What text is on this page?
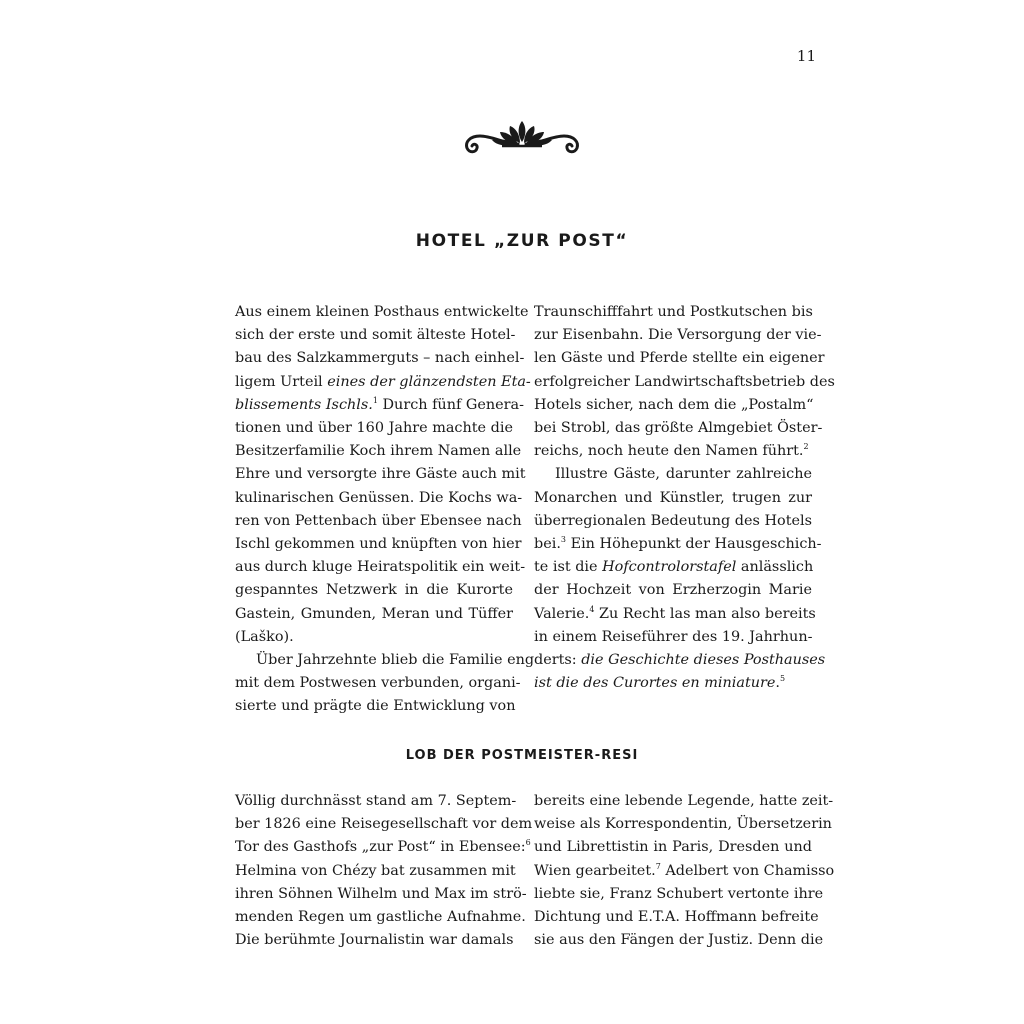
11
HOTEL „ZUR POST“

Aus einem kleinen Posthaus entwickelte
sich der erste und somit älteste Hotel-
bau des Salzkammerguts – nach einhel-
ligem Urteil eines der glänzendsten Eta-
blissements Ischls.$^1$ Durch fünf Genera-
tionen und über 160 Jahre machte die
Besitzerfamilie Koch ihrem Namen alle
Ehre und versorgte ihre Gäste auch mit
kulinarischen Genüssen. Die Kochs wa-
ren von Pettenbach über Ebensee nach
Ischl gekommen und knüpften von hier
aus durch kluge Heiratspolitik ein weit-
gespanntes Netzwerk in die Kurorte
Gastein, Gmunden, Meran und Tüffer
(Laško).

Über Jahrzehnte blieb die Familie eng
mit dem Postwesen verbunden, organi-
sierte und prägte die Entwicklung von

Traunschifffahrt und Postkutschen bis
zur Eisenbahn. Die Versorgung der vie-
len Gäste und Pferde stellte ein eigener
erfolgreicher Landwirtschaftsbetrieb des
Hotels sicher, nach dem die „Postalm“
bei Strobl, das größte Almgebiet Öster-
reichs, noch heute den Namen führt.$^2$

Illustre Gäste, darunter zahlreiche
Monarchen und Künstler, trugen zur
überregionalen Bedeutung des Hotels
bei.$^3$ Ein Höhepunkt der Hausgeschich-
te ist die Hofcontrolorstafel anlässlich
der Hochzeit von Erzherzogin Marie
Valerie.$^4$ Zu Recht las man also bereits
in einem Reiseführer des 19. Jahrhun-
derts: die Geschichte dieses Posthauses
ist die des Curortes en miniature.$^5$

LOB DER POSTMEISTER-RESI

Völlig durchnässt stand am 7. Septem-
ber 1826 eine Reisegesellschaft vor dem
Tor des Gasthofs „zur Post“ in Ebensee:$^6$
Helmina von Chézy bat zusammen mit
ihren Söhnen Wilhelm und Max im strö-
menden Regen um gastliche Aufnahme.
Die berühmte Journalistin war damals

bereits eine lebende Legende, hatte zeit-
weise als Korrespondentin, Übersetzerin
und Librettistin in Paris, Dresden und
Wien gearbeitet.$^7$ Adelbert von Chamisso
liebte sie, Franz Schubert vertonte ihre
Dichtung und E.T.A. Hoffmann befreite
sie aus den Fängen der Justiz. Denn die
